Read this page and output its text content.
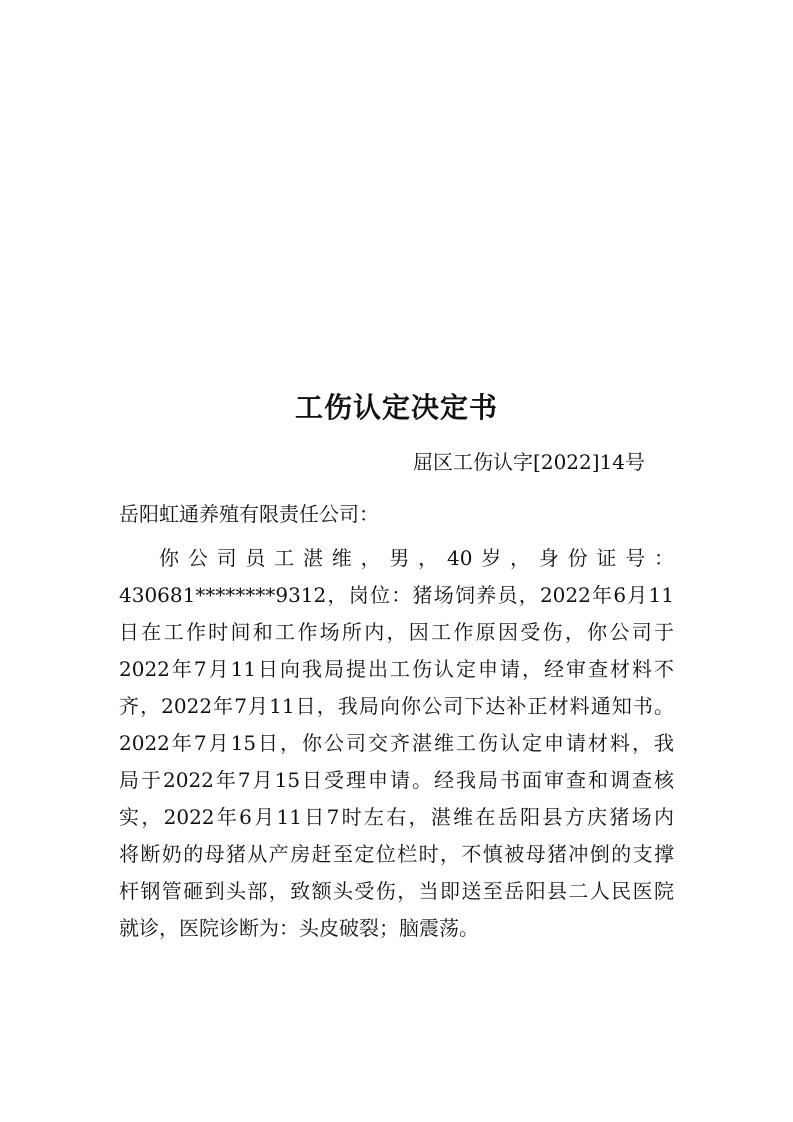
工伤认定决定书
屈区工伤认字[2022]14号
岳阳虹通养殖有限责任公司：
你公司员工湛维，男，40岁，身份证号：
430681********9312，岗位：猪场饲养员，2022年6月11
日在工作时间和工作场所内，因工作原因受伤，你公司于
2022年7月11日向我局提出工伤认定申请，经审查材料不
齐，2022年7月11日，我局向你公司下达补正材料通知书。
2022年7月15日，你公司交齐湛维工伤认定申请材料，我
局于2022年7月15日受理申请。经我局书面审查和调查核
实，2022年6月11日7时左右，湛维在岳阳县方庆猪场内
将断奶的母猪从产房赶至定位栏时，不慎被母猪冲倒的支撑
杆钢管砸到头部，致额头受伤，当即送至岳阳县二人民医院
就诊，医院诊断为：头皮破裂；脑震荡。
